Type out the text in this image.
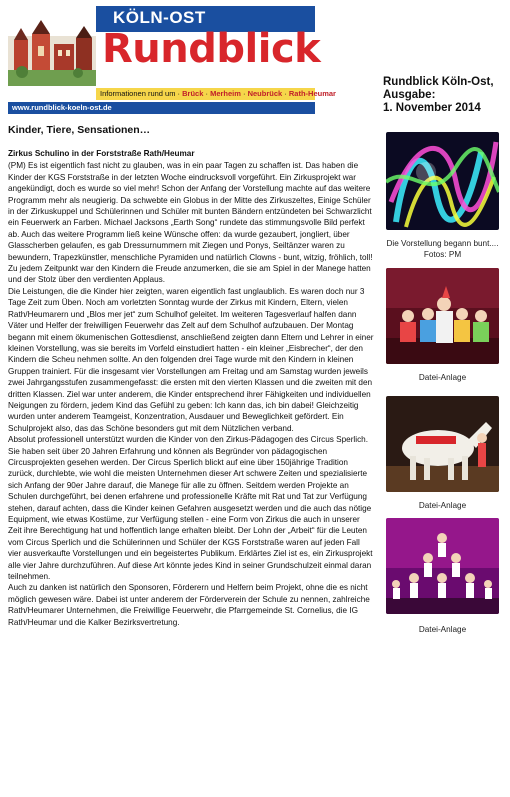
KÖLN-OST
Rundblick
Informationen rund um · Brück · Merheim · Neubrück · Rath-Heumar
www.rundblick-koeln-ost.de
Rundblick Köln-Ost,
Ausgabe:
1. November 2014
Kinder, Tiere, Sensationen…
Zirkus Schulino in der Forststraße Rath/Heumar

(PM) Es ist eigentlich fast nicht zu glauben, was in ein paar Tagen zu schaffen ist. Das haben die Kinder der KGS Forststraße in der letzten Woche eindrucksvoll vorgeführt. Ein Zirkusprojekt war angekündigt, doch es wurde so viel mehr! Schon der Anfang der Vorstellung machte auf das weitere Programm mehr als neugierig. Da schwebte ein Globus in der Mitte des Zirkuszeltes, Einige Schüler in der Zirkuskuppel und Schülerinnen und Schüler mit bunten Bändern entzündeten bei Schwarzlicht ein Feuerwerk an Farben. Michael Jacksons „Earth Song“ rundete das stimmungsvolle Bild perfekt ab. Auch das weitere Programm ließ keine Wünsche offen: da wurde gezaubert, jongliert, über Glasscherben gelaufen, es gab Dressurnummern mit Ziegen und Ponys, Seiltänzer waren zu bewundern, Trapezkünstler, menschliche Pyramiden und natürlich Clowns - bunt, witzig, fröhlich, toll! Zu jedem Zeitpunkt war den Kindern die Freude anzumerken, die sie am Spiel in der Manege hatten und der Stolz über den verdienten Applaus.

Die Leistungen, die die Kinder hier zeigten, waren eigentlich fast unglaublich. Es waren doch nur 3 Tage Zeit zum Üben. Noch am vorletzten Sonntag wurde der Zirkus mit Kindern, Eltern, vielen Rath/Heumarern und „Blos mer jet“ zum Schulhof geleitet. Im weiteren Tagesverlauf halfen dann Väter und Helfer der freiwilligen Feuerwehr das Zelt auf dem Schulhof aufzubauen. Der Montag begann mit einem ökumenischen Gottesdienst, anschließend zeigten dann Eltern und Lehrer in einer kleinen Vorstellung, was sie bereits im Vorfeld einstudiert hatten - ein kleiner „Eisbrecher“, der den Kindern die Scheu nehmen sollte. An den folgenden drei Tage wurde mit den Kindern in kleinen Gruppen trainiert. Für die insgesamt vier Vorstellungen am Freitag und am Samstag wurden jeweils zwei Jahrgangsstufen zusammengefasst: die ersten mit den vierten Klassen und die zweiten mit den dritten Klassen. Ziel war unter anderem, die Kinder entsprechend ihrer Fähigkeiten und individuellen Neigungen zu fördern, jedem Kind das Gefühl zu geben: Ich kann das, ich bin dabei! Gleichzeitig wurden unter anderem Teamgeist, Konzentration, Ausdauer und Beweglichkeit gefördert. Ein Schulprojekt also, das das Schöne besonders gut mit dem Nützlichen verband.

Absolut professionell unterstützt wurden die Kinder von den Zirkus-Pädagogen des Circus Sperlich. Sie haben seit über 20 Jahren Erfahrung und können als Begründer von pädagogischen Circusprojekten gesehen werden. Der Circus Sperlich blickt auf eine über 150jährige Tradition zurück, durchlebte, wie wohl die meisten Unternehmen dieser Art schwere Zeiten und spezialisierte sich Anfang der 90er Jahre darauf, die Manege für alle zu öffnen. Seitdem werden Projekte an Schulen durchgeführt, bei denen erfahrene und professionelle Kräfte mit Rat und Tat zur Verfügung stehen, darauf achten, dass die Kinder keinen Gefahren ausgesetzt werden und die auch das nötige Equipment, wie etwas Kostüme, zur Verfügung stellen - eine Form von Zirkus die auch in unserer Zeit ihre Berechtigung hat und hoffentlich lange erhalten bleibt. Der Lohn der „Arbeit“ für die Leuten vom Circus Sperlich und die Schülerinnen und Schüler der KGS Forststraße waren auf jeden Fall vier ausverkaufte Vorstellungen und ein begeistertes Publikum. Erklärtes Ziel ist es, ein Zirkusprojekt alle vier Jahre durchzuführen. Auf diese Art könnte jedes Kind in seiner Grundschulzeit einmal daran teilnehmen.

Auch zu danken ist natürlich den Sponsoren, Förderern und Helfern beim Projekt, ohne die es nicht möglich gewesen wäre. Dabei ist unter anderem der Förderverein der Schule zu nennen, zahlreiche Rath/Heumarer Unternehmen, die Freiwillige Feuerwehr, die Pfarrgemeinde St. Cornelius, die IG Rath/Heumar und die Kalker Bezirksvertretung.

Die Vorstellung begann bunt.... Fotos: PM
Datei-Anlage
Datei-Anlage
Datei-Anlage
